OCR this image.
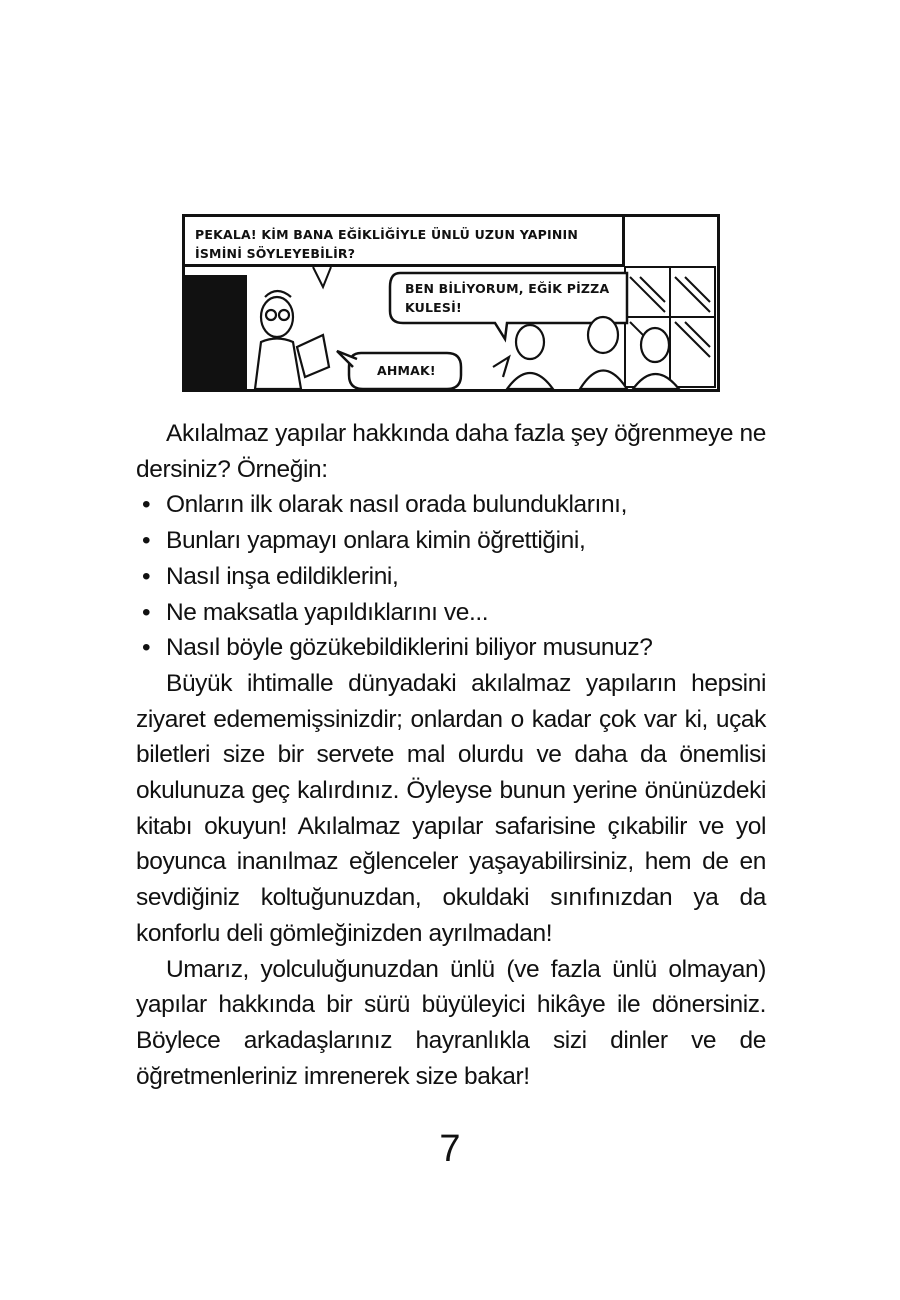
PEKALA! KİM BANA EĞİKLİĞİYLE ÜNLÜ UZUN YAPININ İSMİNİ SÖYLEYEBİLİR?
BEN BİLİYORUM, EĞİK PİZZA KULESİ!
AHMAK!

Akılalmaz yapılar hakkında daha fazla şey öğrenmeye ne dersiniz? Örneğin:

• Onların ilk olarak nasıl orada bulunduklarını,
• Bunları yapmayı onlara kimin öğrettiğini,
• Nasıl inşa edildiklerini,
• Ne maksatla yapıldıklarını ve...
• Nasıl böyle gözükebildiklerini biliyor musunuz?

Büyük ihtimalle dünyadaki akılalmaz yapıların hepsini ziyaret edememişsinizdir; onlardan o kadar çok var ki, uçak biletleri size bir servete mal olurdu ve daha da önemlisi okulunuza geç kalırdınız. Öyleyse bunun yerine önünüzdeki kitabı okuyun! Akılalmaz yapılar safarisine çıkabilir ve yol boyunca inanılmaz eğlenceler yaşayabilirsiniz, hem de en sevdiğiniz koltuğunuzdan, okuldaki sınıfınızdan ya da konforlu deli gömleğinizden ayrılmadan!

Umarız, yolculuğunuzdan ünlü (ve fazla ünlü olmayan) yapılar hakkında bir sürü büyüleyici hikâye ile dönersiniz. Böylece arkadaşlarınız hayranlıkla sizi dinler ve de öğretmenleriniz imrenerek size bakar!

7
